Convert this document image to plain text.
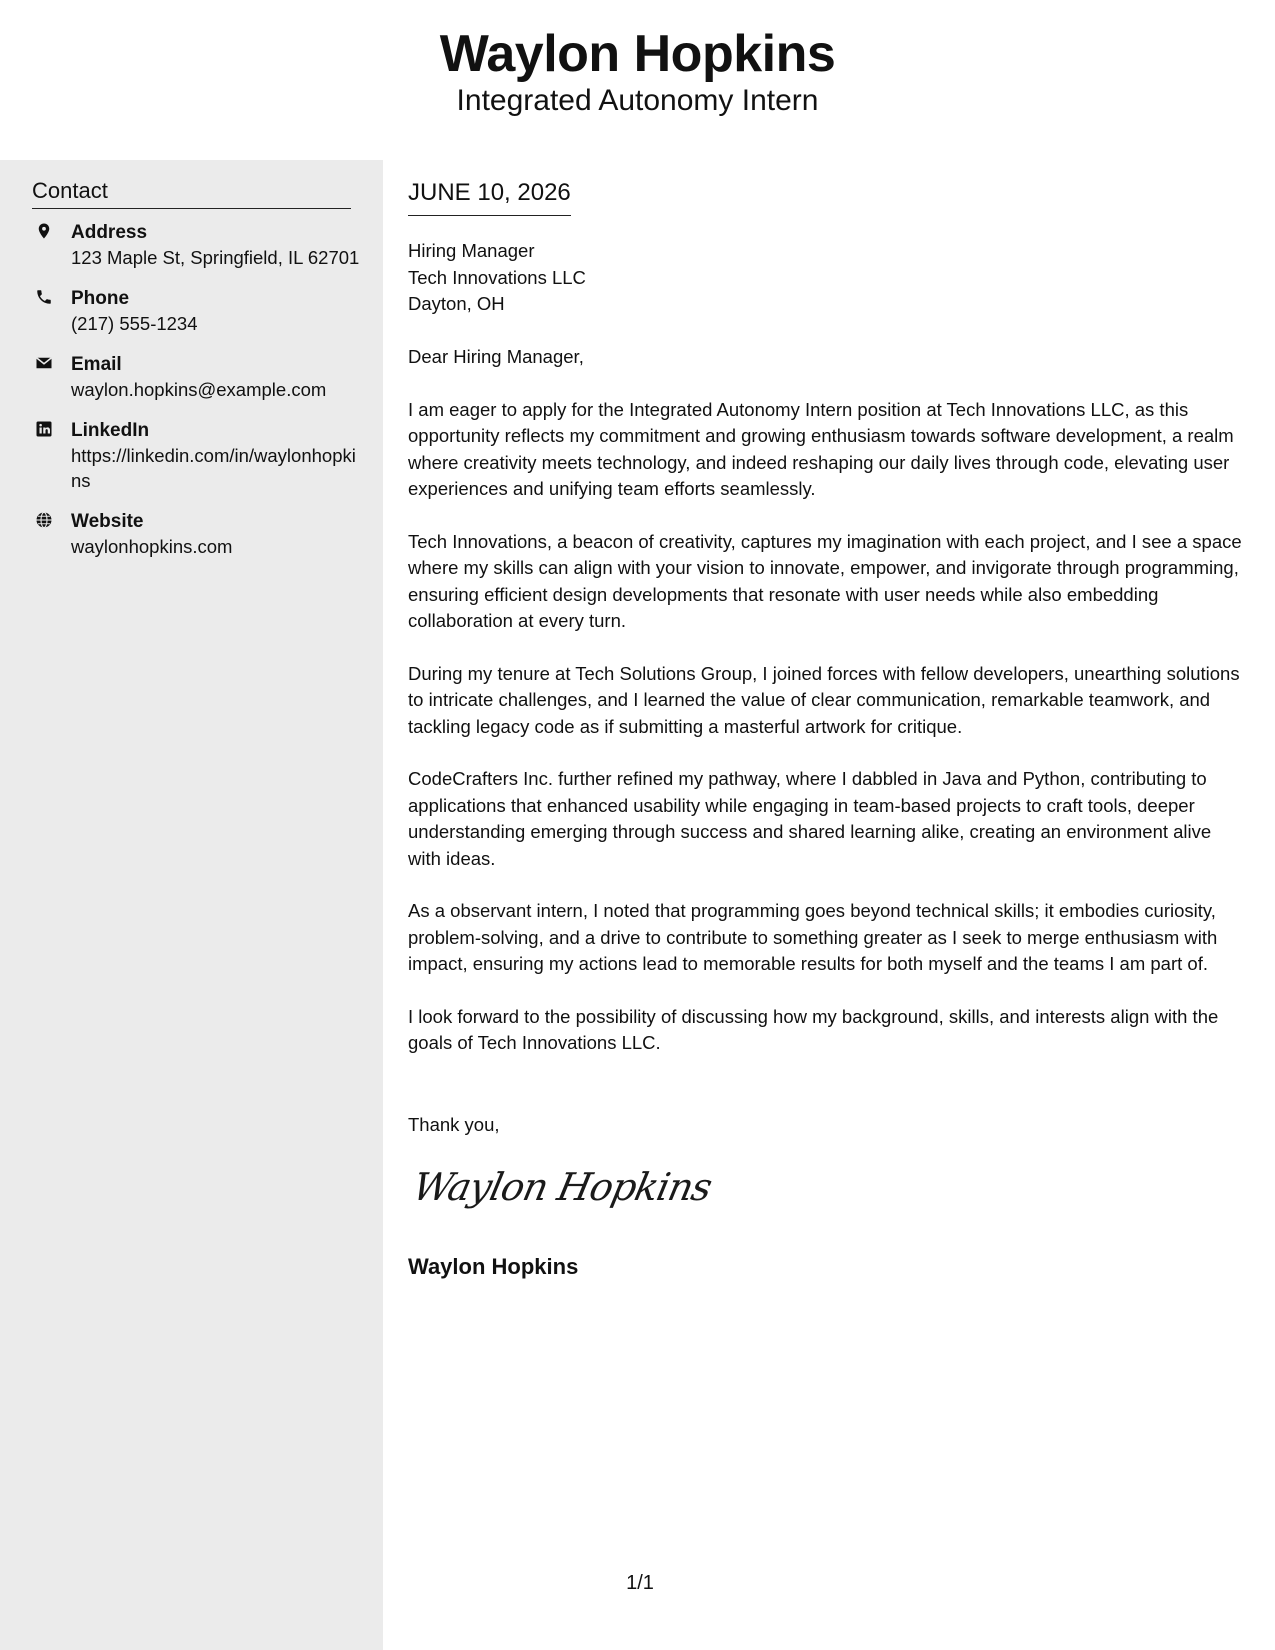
Waylon Hopkins
Integrated Autonomy Intern
Contact
Address
123 Maple St, Springfield, IL 62701
Phone
(217) 555-1234
Email
waylon.hopkins@example.com
LinkedIn
https://linkedin.com/in/waylonhopkins
Website
waylonhopkins.com
JUNE 10, 2026
Hiring Manager
Tech Innovations LLC
Dayton, OH

Dear Hiring Manager,

I am eager to apply for the Integrated Autonomy Intern position at Tech Innovations LLC, as this opportunity reflects my commitment and growing enthusiasm towards software development, a realm where creativity meets technology, and indeed reshaping our daily lives through code, elevating user experiences and unifying team efforts seamlessly.

Tech Innovations, a beacon of creativity, captures my imagination with each project, and I see a space where my skills can align with your vision to innovate, empower, and invigorate through programming, ensuring efficient design developments that resonate with user needs while also embedding collaboration at every turn.

During my tenure at Tech Solutions Group, I joined forces with fellow developers, unearthing solutions to intricate challenges, and I learned the value of clear communication, remarkable teamwork, and tackling legacy code as if submitting a masterful artwork for critique.

CodeCrafters Inc. further refined my pathway, where I dabbled in Java and Python, contributing to applications that enhanced usability while engaging in team-based projects to craft tools, deeper understanding emerging through success and shared learning alike, creating an environment alive with ideas.

As a observant intern, I noted that programming goes beyond technical skills; it embodies curiosity, problem-solving, and a drive to contribute to something greater as I seek to merge enthusiasm with impact, ensuring my actions lead to memorable results for both myself and the teams I am part of.

I look forward to the possibility of discussing how my background, skills, and interests align with the goals of Tech Innovations LLC.

Thank you,
Waylon Hopkins
Waylon Hopkins
1/1
